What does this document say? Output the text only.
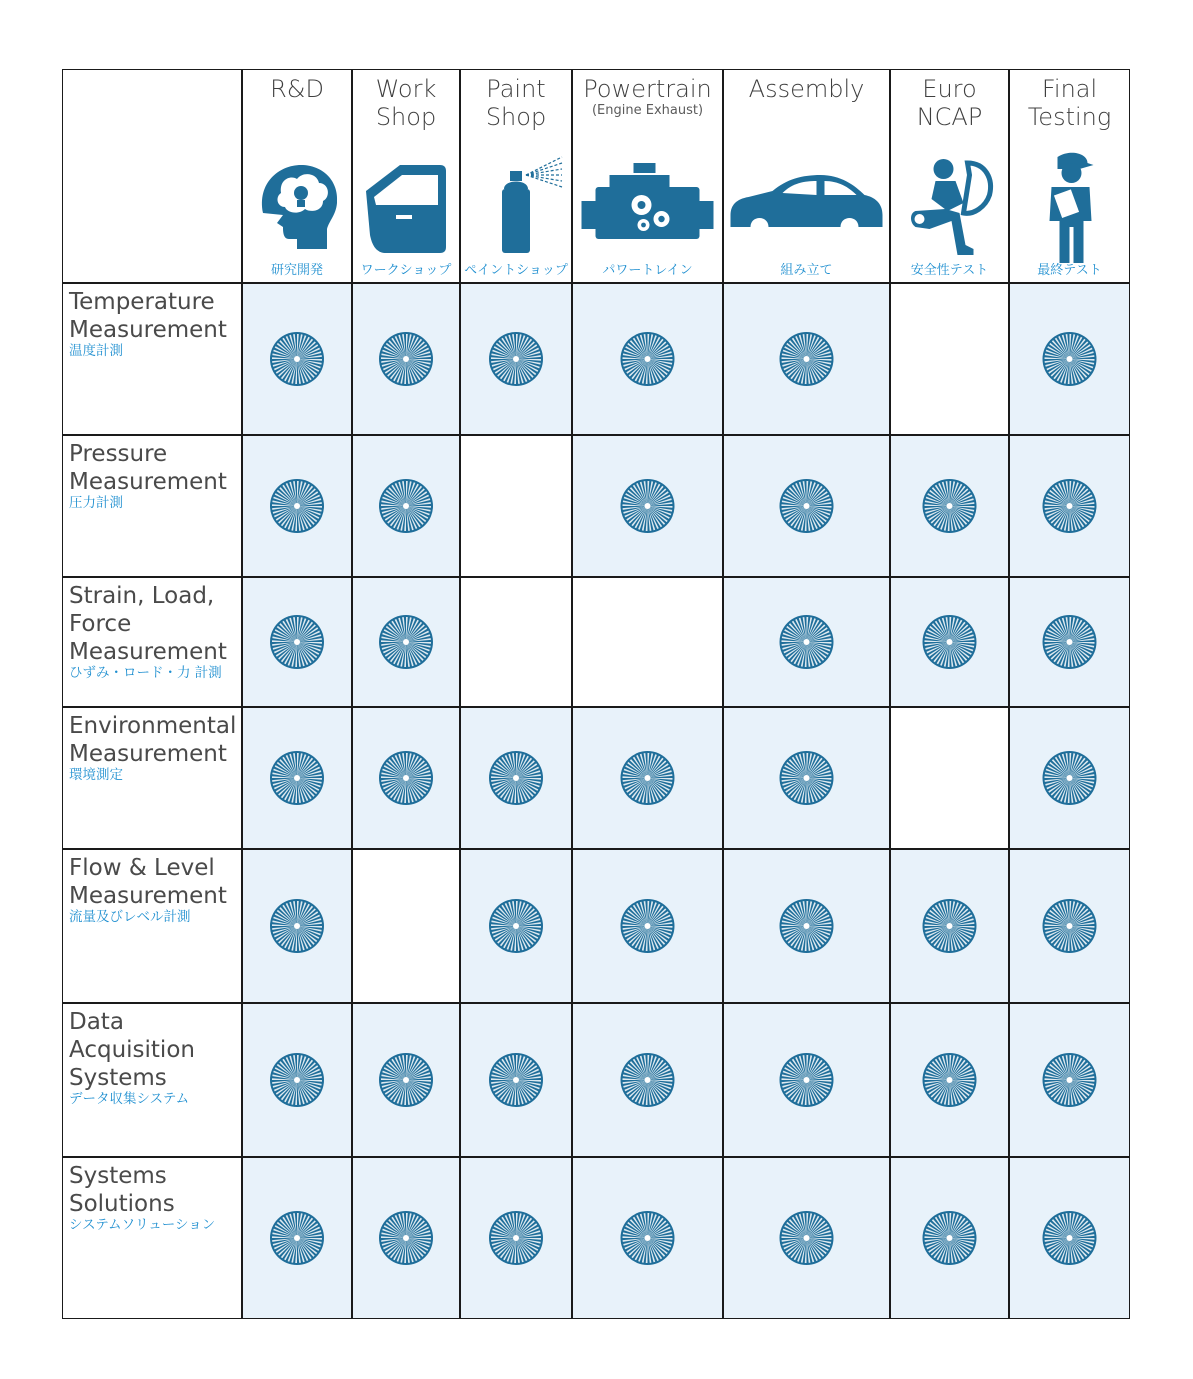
R&D
研究開発
Work
Shop
ワークショップ
Paint
Shop
ペイントショップ
Powertrain
(Engine Exhaust)
パワートレイン
Assembly
組み立て
Euro
NCAP
安全性テスト
Final
Testing
最終テスト
Temperature
Measurement
温度計測
Pressure
Measurement
圧力計測
Strain, Load,
Force
Measurement
ひずみ・ロード・力 計測
Environmental
Measurement
環境測定
Flow & Level
Measurement
流量及びレベル計測
Data
Acquisition
Systems
データ収集システム
Systems
Solutions
システムソリューション
